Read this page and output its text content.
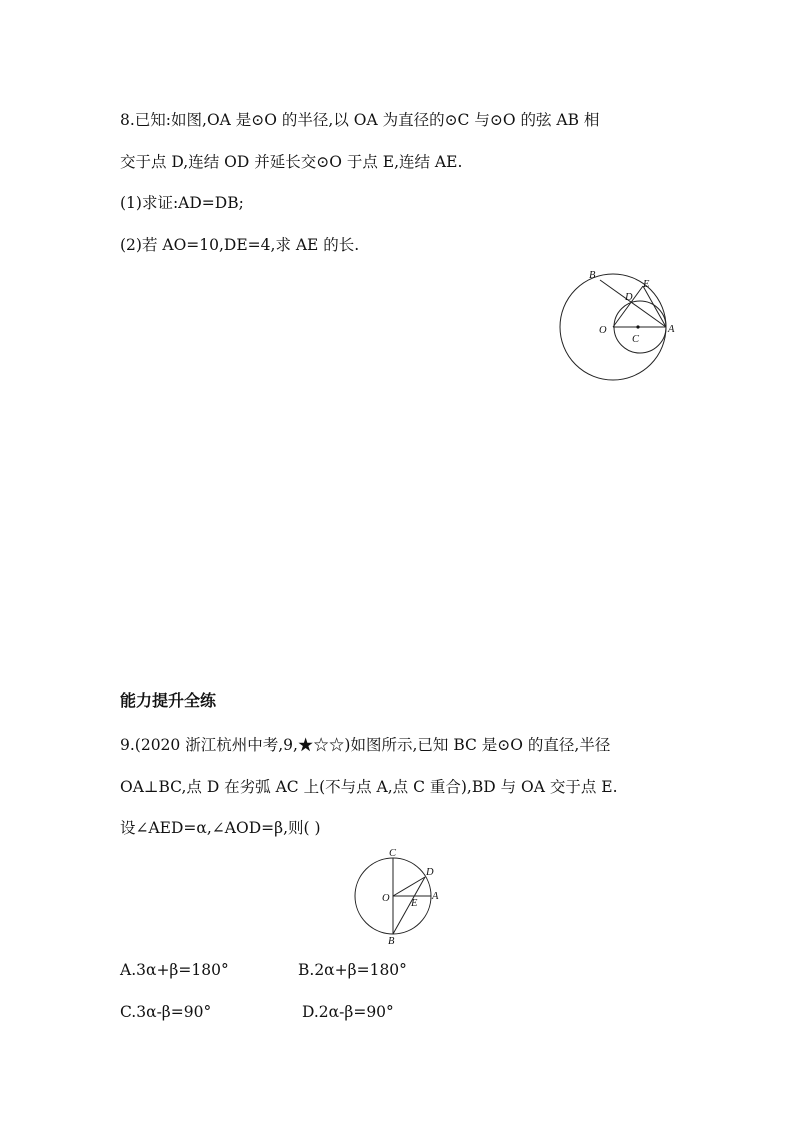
8.已知:如图,OA 是⊙O 的半径,以 OA 为直径的⊙C 与⊙O 的弦 AB 相
交于点 D,连结 OD 并延长交⊙O 于点 E,连结 AE.
(1)求证:AD=DB;
(2)若 AO=10,DE=4,求 AE 的长.
B
E
D
O
C
A
能力提升全练
9.(2020 浙江杭州中考,9,★☆☆)如图所示,已知 BC 是⊙O 的直径,半径
OA⊥BC,点 D 在劣弧 AC 上(不与点 A,点 C 重合),BD 与 OA 交于点 E.
设∠AED=α,∠AOD=β,则( )
C
D
O	A
E
B
A.3α+β=180°	B.2α+β=180°
C.3α-β=90°	D.2α-β=90°
